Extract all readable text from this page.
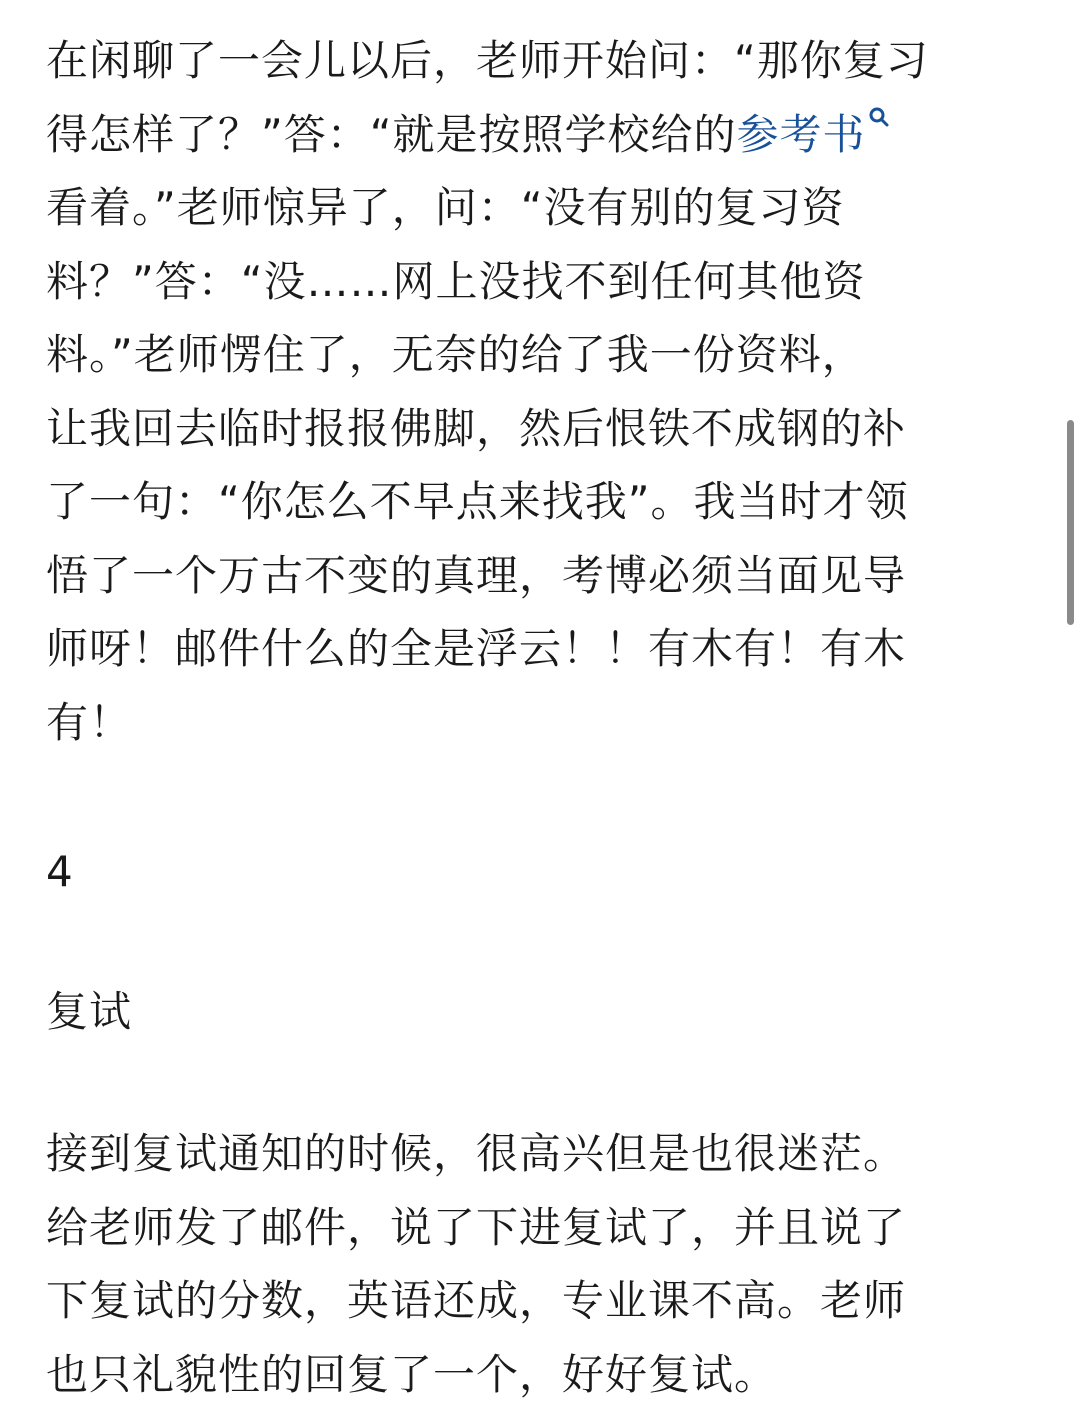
在闲聊了一会儿以后，老师开始问：“那你复习
得怎样了？”答：“就是按照学校给的参考书
看着。”老师惊异了，问：“没有别的复习资
料？”答：“没……网上没找不到任何其他资
料。”老师愣住了，无奈的给了我一份资料，
让我回去临时报报佛脚，然后恨铁不成钢的补
了一句：“你怎么不早点来找我”。我当时才领
悟了一个万古不变的真理，考博必须当面见导
师呀！邮件什么的全是浮云！！有木有！有木
有！

4

复试

接到复试通知的时候，很高兴但是也很迷茫。
给老师发了邮件，说了下进复试了，并且说了
下复试的分数，英语还成，专业课不高。老师
也只礼貌性的回复了一个，好好复试。
